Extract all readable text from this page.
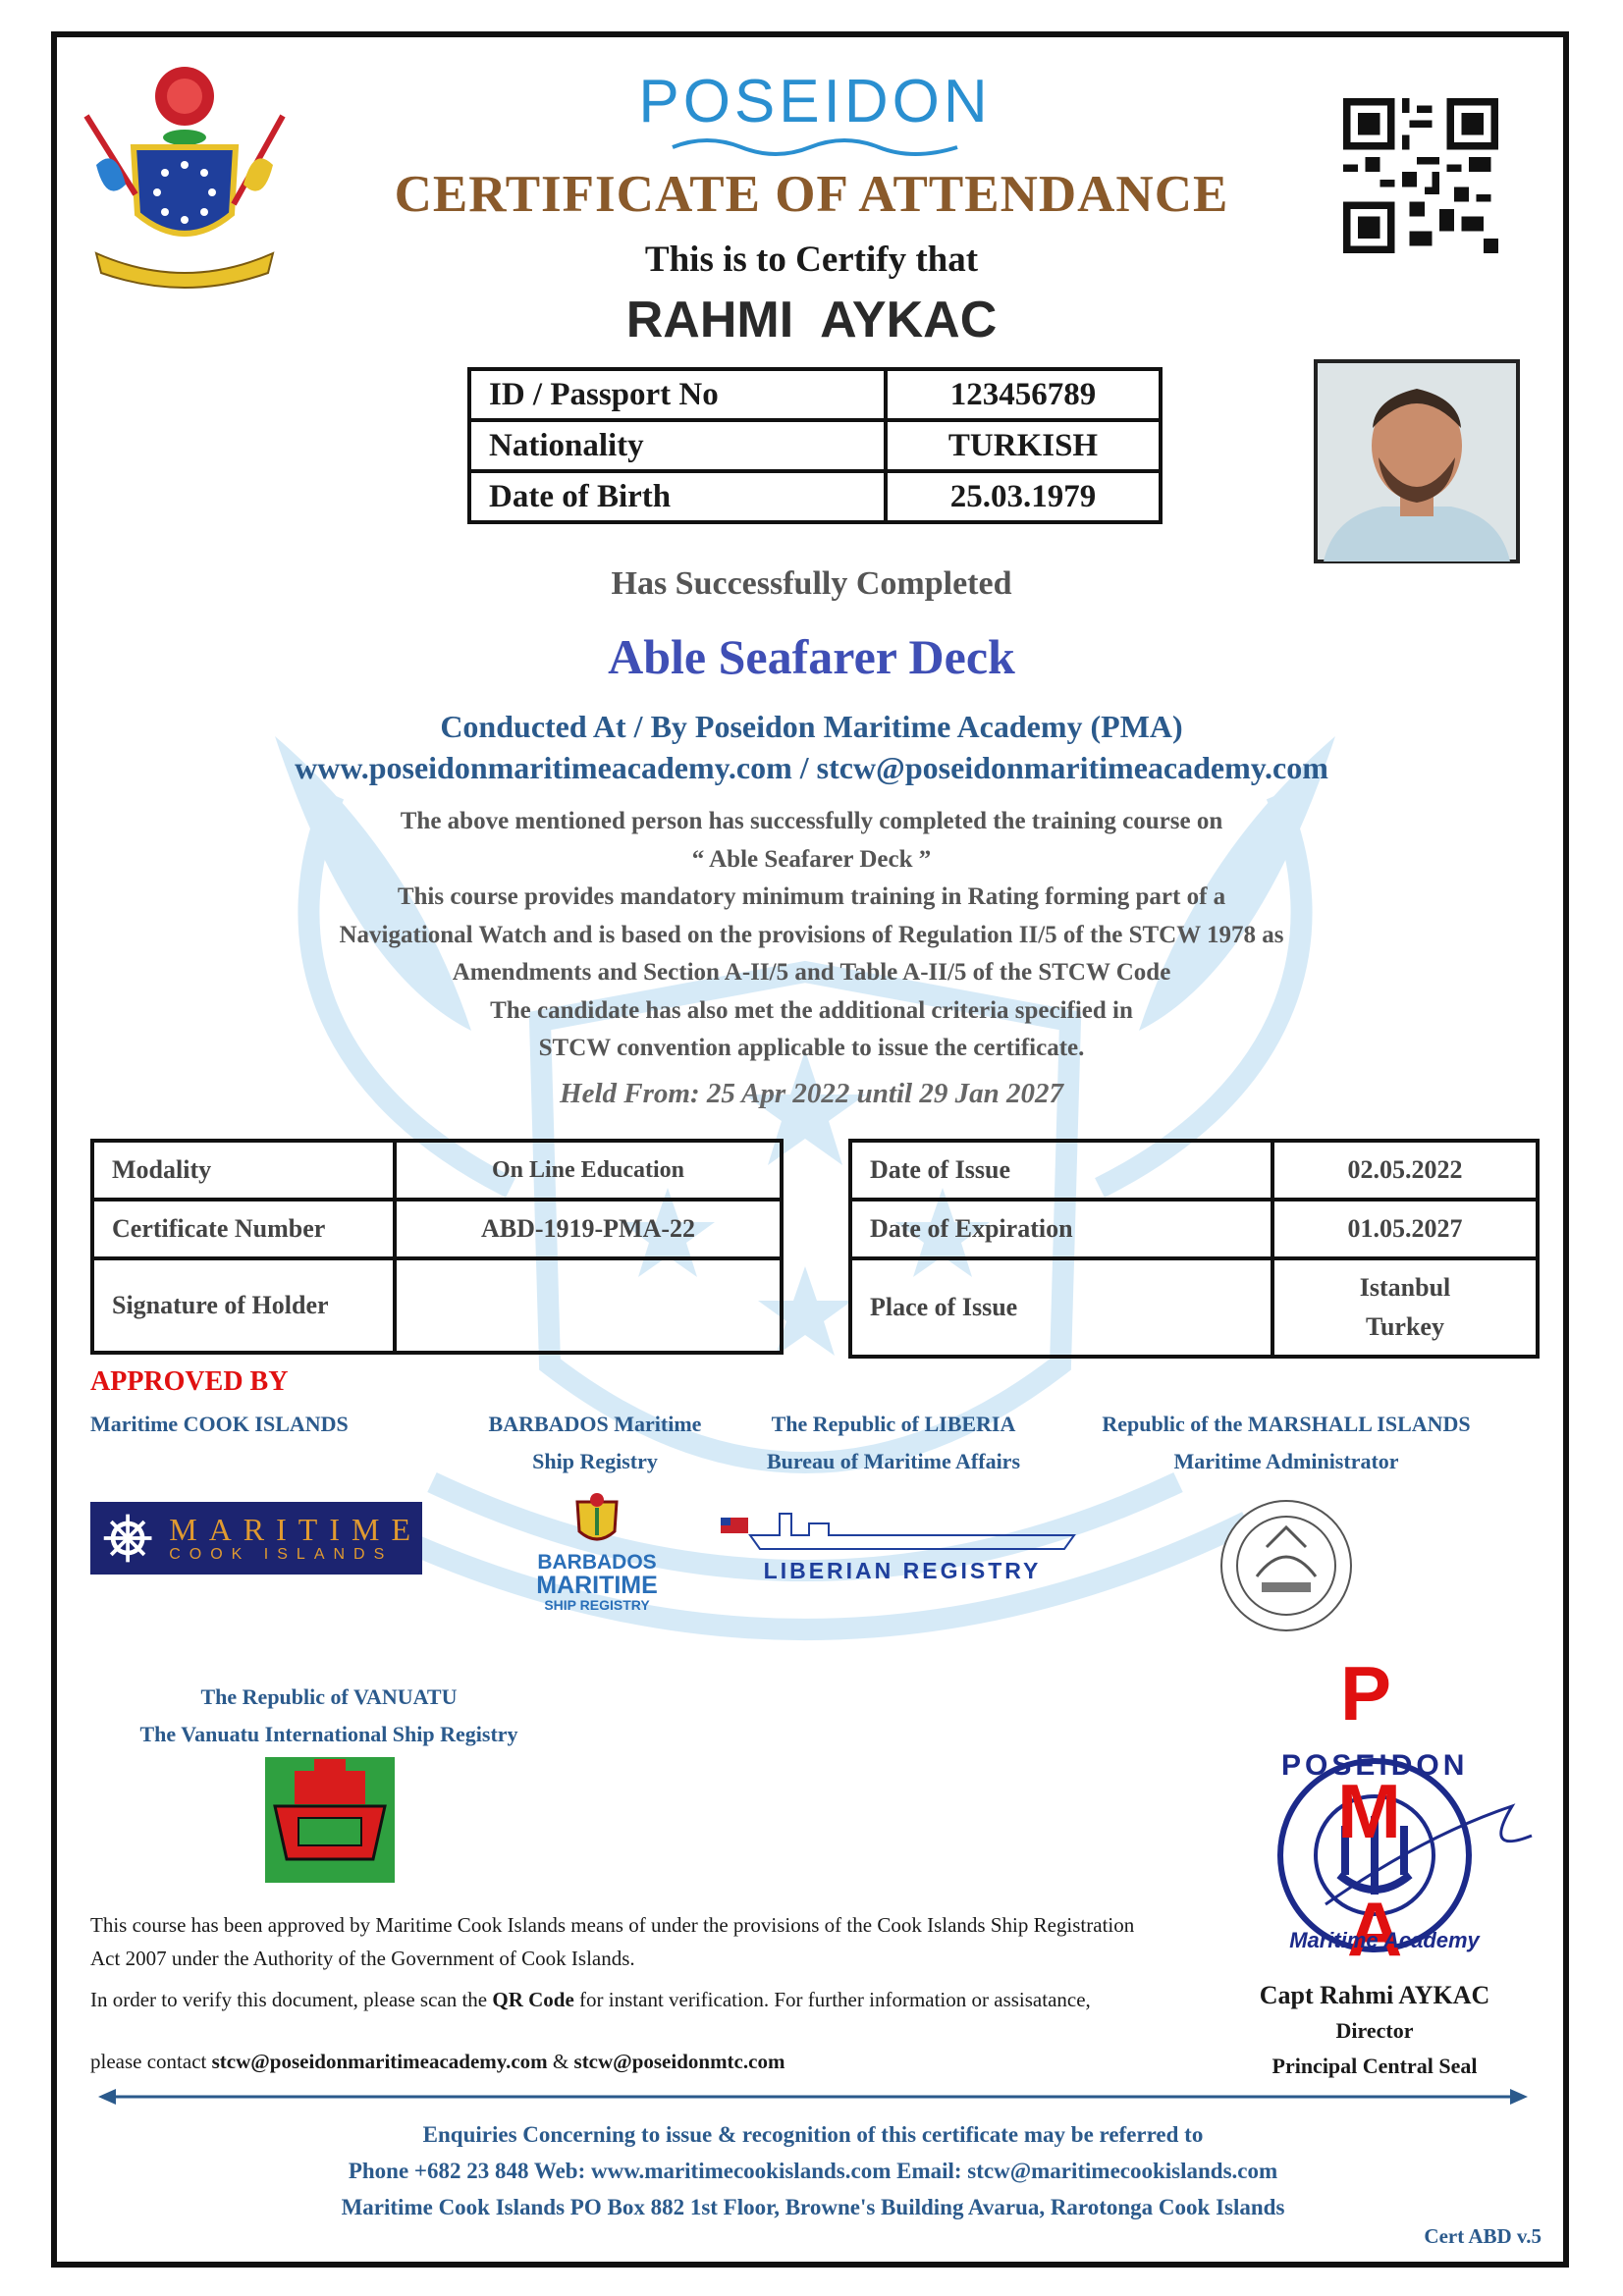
POSEIDON
CERTIFICATE OF ATTENDANCE
This is to Certify that
RAHMI  AYKAC
ID / Passport No	123456789
Nationality	TURKISH
Date of Birth	25.03.1979
Has Successfully Completed
Able Seafarer Deck
Conducted At / By Poseidon Maritime Academy (PMA)
www.poseidonmaritimeacademy.com / stcw@poseidonmaritimeacademy.com
The above mentioned person has successfully completed the training course on
“ Able Seafarer Deck ”
This course provides mandatory minimum training in Rating forming part of a
Navigational Watch and is based on the provisions of Regulation II/5 of the STCW 1978 as
Amendments and Section A-II/5 and Table A-II/5 of the STCW Code
The candidate has also met the additional criteria specified in
STCW convention applicable to issue the certificate.
Held From: 25 Apr 2022 until 29 Jan 2027
Modality	On Line Education
Certificate Number	ABD-1919-PMA-22
Signature of Holder	
Date of Issue	02.05.2022
Date of Expiration	01.05.2027
Place of Issue	Istanbul
Turkey
APPROVED BY
Maritime COOK ISLANDS	BARBADOS Maritime
Ship Registry
The Republic of LIBERIA
Bureau of Maritime Affairs
Republic of the MARSHALL ISLANDS
Maritime Administrator
MARITIME
COOK ISLANDS	BARBADOS
MARITIME
SHIP REGISTRY
LIBERIAN REGISTRY
The Republic of VANUATU
The Vanuatu International Ship Registry
This course has been approved by Maritime Cook Islands means of under the provisions of the Cook Islands Ship Registration Act 2007 under the Authority of the Government of Cook Islands.
In order to verify this document, please scan the QR Code for instant verification. For further information or assisatance,
please contact stcw@poseidonmaritimeacademy.com & stcw@poseidonmtc.com
P
POSEIDON
M
A
Maritime Academy
Capt Rahmi AYKAC
Director
Principal Central Seal
Enquiries Concerning to issue & recognition of this certificate may be referred to
Phone +682 23 848 Web: www.maritimecookislands.com Email: stcw@maritimecookislands.com
Maritime Cook Islands PO Box 882 1st Floor, Browne's Building Avarua, Rarotonga Cook Islands
Cert ABD v.5
